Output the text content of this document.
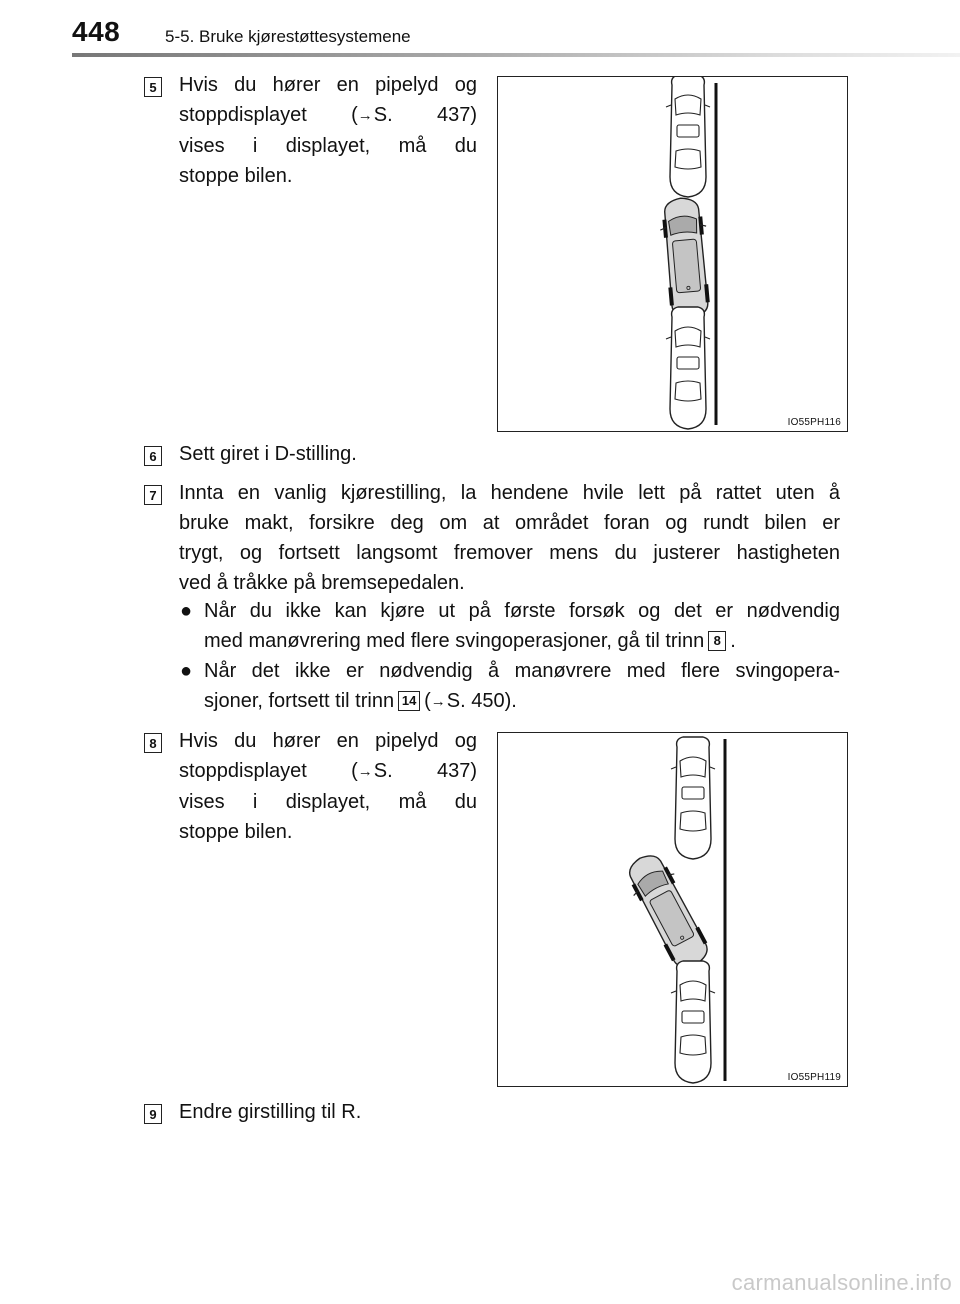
448	5-5. Bruke kjørestøttesystemene
5 Hvis du hører en pipelyd og
stoppdisplayet (→S. 437)
vises i displayet, må du
stoppe bilen.
IO55PH116
6 Sett giret i D-stilling.
7 Innta en vanlig kjørestilling, la hendene hvile lett på rattet uten å
bruke makt, forsikre deg om at området foran og rundt bilen er
trygt, og fortsett langsomt fremover mens du justerer hastigheten
ved å tråkke på bremsepedalen.
● Når du ikke kan kjøre ut på første forsøk og det er nødvendig
med manøvrering med flere svingoperasjoner, gå til trinn 8 .
● Når det ikke er nødvendig å manøvrere med flere svingopera-
sjoner, fortsett til trinn 14 (→S. 450).
8 Hvis du hører en pipelyd og
stoppdisplayet (→S. 437)
vises i displayet, må du
stoppe bilen.
IO55PH119
9 Endre girstilling til R.
carmanualsonline.info
